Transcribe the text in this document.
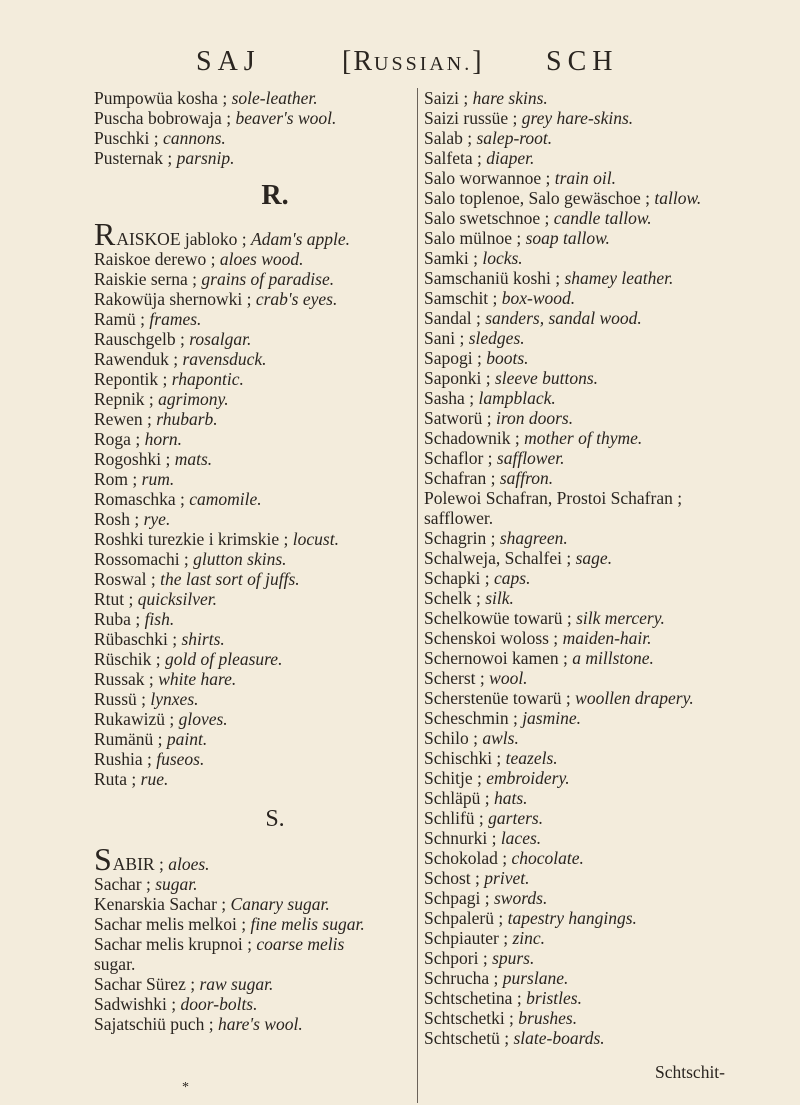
SAJ	[RUSSIAN.] SCH
Pumpowüa kosha ; sole-leather.
Puscha bobrowaja ; beaver's wool.
Puschki ; cannons.
Pusternak ; parsnip.
R.
RAISKOE jabloko ; Adam's apple.
Raiskoe derewo ; aloes wood.
Raiskie serna ; grains of paradise.
Rakowüja shernowki ; crab's eyes.
Ramü ; frames.
Rauschgelb ; rosalgar.
Rawenduk ; ravensduck.
Repontik ; rhapontic.
Repnik ; agrimony.
Rewen ; rhubarb.
Roga ; horn.
Rogoshki ; mats.
Rom ; rum.
Romaschka ; camomile.
Rosh ; rye.
Roshki turezkie i krimskie ; locust.
Rossomachi ; glutton skins.
Roswal ; the last sort of juffs.
Rtut ; quicksilver.
Ruba ; fish.
Rübaschki ; shirts.
Rüschik ; gold of pleasure.
Russak ; white hare.
Russü ; lynxes.
Rukawizü ; gloves.
Rumänü ; paint.
Rushia ; fuseos.
Ruta ; rue.
S.
SABIR ; aloes.
Sachar ; sugar.
Kenarskia Sachar ; Canary sugar.
Sachar melis melkoi ; fine melis sugar.
Sachar melis krupnoi ; coarse melis
sugar.
Sachar Sürez ; raw sugar.
Sadwishki ; door-bolts.
Sajatschiü puch ; hare's wool.
Saizi ; hare skins.
Saizi russüe ; grey hare-skins.
Salab ; salep-root.
Salfeta ; diaper.
Salo worwannoe ; train oil.
Salo toplenoe, Salo gewäschoe ; tallow.
Salo swetschnoe ; candle tallow.
Salo mülnoe ; soap tallow.
Samki ; locks.
Samschaniü koshi ; shamey leather.
Samschit ; box-wood.
Sandal ; sanders, sandal wood.
Sani ; sledges.
Sapogi ; boots.
Saponki ; sleeve buttons.
Sasha ; lampblack.
Satworü ; iron doors.
Schadownik ; mother of thyme.
Schaflor ; safflower.
Schafran ; saffron.
Polewoi Schafran, Prostoi Schafran ;
safflower.
Schagrin ; shagreen.
Schalweja, Schalfei ; sage.
Schapki ; caps.
Schelk ; silk.
Schelkowüe towarü ; silk mercery.
Schenskoi woloss ; maiden-hair.
Schernowoi kamen ; a millstone.
Scherst ; wool.
Scherstenüe towarü ; woollen drapery.
Scheschmin ; jasmine.
Schilo ; awls.
Schischki ; teazels.
Schitje ; embroidery.
Schläpü ; hats.
Schlifü ; garters.
Schnurki ; laces.
Schokolad ; chocolate.
Schost ; privet.
Schpagi ; swords.
Schpalerü ; tapestry hangings.
Schpiauter ; zinc.
Schpori ; spurs.
Schrucha ; purslane.
Schtschetina ; bristles.
Schtschetki ; brushes.
Schtschetü ; slate-boards.
Schtschit-
*
